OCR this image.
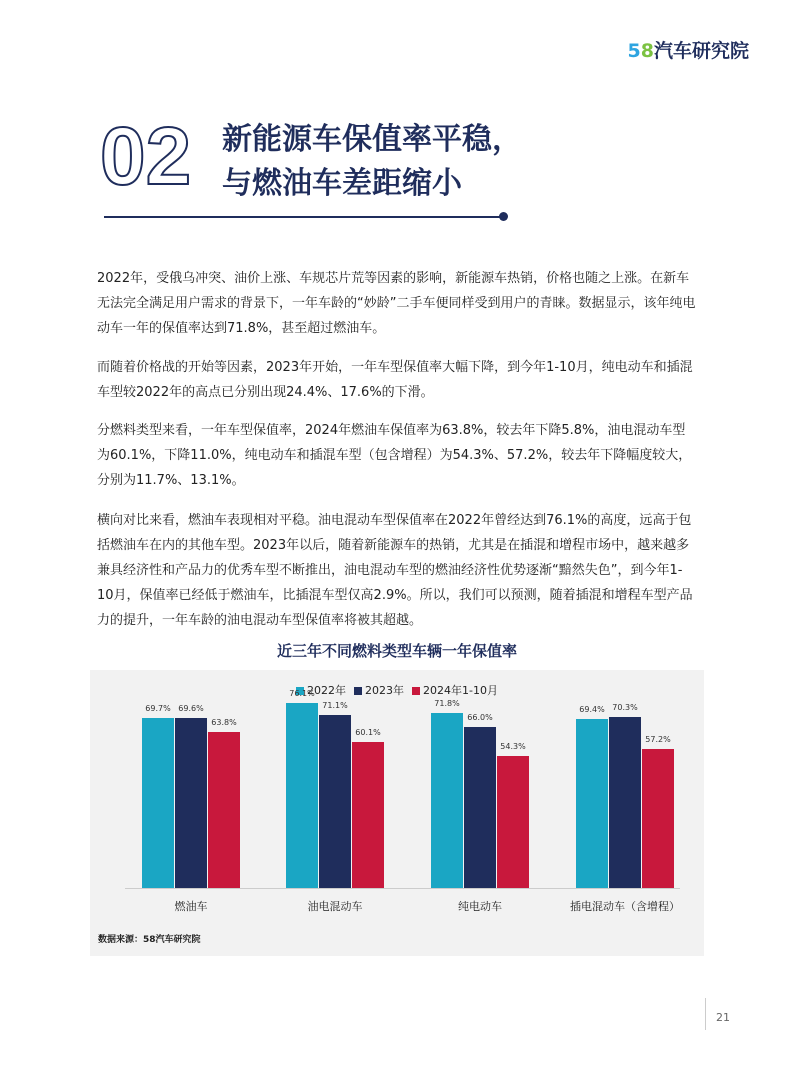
58汽车研究院
02 新能源车保值率平稳，
与燃油车差距缩小
2022年，受俄乌冲突、油价上涨、车规芯片荒等因素的影响，新能源车热销，价格也随之上涨。在新车无法完全满足用户需求的背景下，一年车龄的“妙龄”二手车便同样受到用户的青睐。数据显示，该年纯电动车一年的保值率达到71.8%，甚至超过燃油车。
而随着价格战的开始等因素，2023年开始，一年车型保值率大幅下降，到今年1-10月，纯电动车和插混车型较2022年的高点已分别出现24.4%、17.6%的下滑。
分燃料类型来看，一年车型保值率，2024年燃油车保值率为63.8%，较去年下降5.8%，油电混动车型为60.1%，下降11.0%，纯电动车和插混车型（包含增程）为54.3%、57.2%，较去年下降幅度较大，分别为11.7%、13.1%。
横向对比来看，燃油车表现相对平稳。油电混动车型保值率在2022年曾经达到76.1%的高度，远高于包括燃油车在内的其他车型。2023年以后，随着新能源车的热销，尤其是在插混和增程市场中，越来越多兼具经济性和产品力的优秀车型不断推出，油电混动车型的燃油经济性优势逐渐“黯然失色”，到今年1-10月，保值率已经低于燃油车，比插混车型仅高2.9%。所以，我们可以预测，随着插混和增程车型产品力的提升，一年车龄的油电混动车型保值率将被其超越。
近三年不同燃料类型车辆一年保值率
2022年 2023年 2024年1-10月
数据来源：58汽车研究院
69.7% 69.6%
63.8%
燃油车
76.1%
71.1%
60.1%
油电混动车
71.8%
66.0%
54.3%
纯电动车
69.4% 70.3%
57.2%
插电混动车（含增程）
21
